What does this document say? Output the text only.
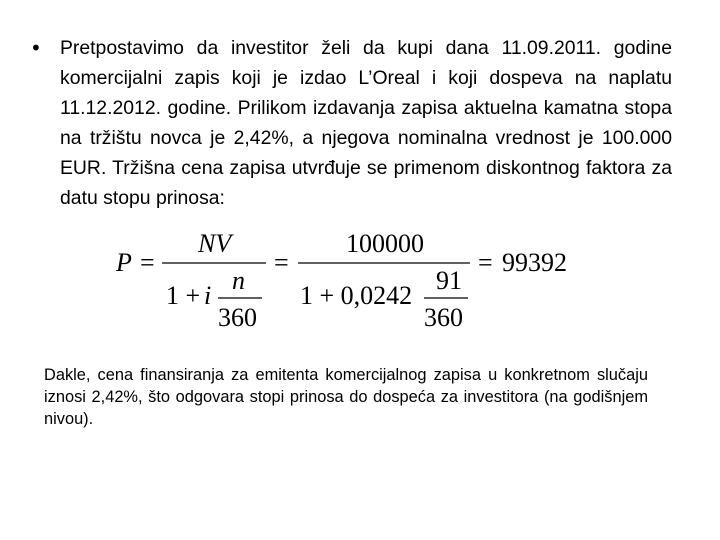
• Pretpostavimo da investitor želi da kupi dana 11.09.2011. godine komercijalni zapis koji je izdao L’Oreal i koji dospeva na naplatu 11.12.2012. godine. Prilikom izdavanja zapisa aktuelna kamatna stopa na tržištu novca je 2,42%, a njegova nominalna vrednost je 100.000 EUR. Tržišna cena zapisa utvrđuje se primenom diskontnog faktora za datu stopu prinosa:
P =
NV
1 + i
n
360
=
100000
1 + 0,0242
91
360
= 99392
Dakle, cena finansiranja za emitenta komercijalnog zapisa u konkretnom slučaju iznosi 2,42%, što odgovara stopi prinosa do dospeća za investitora (na godišnjem nivou).
